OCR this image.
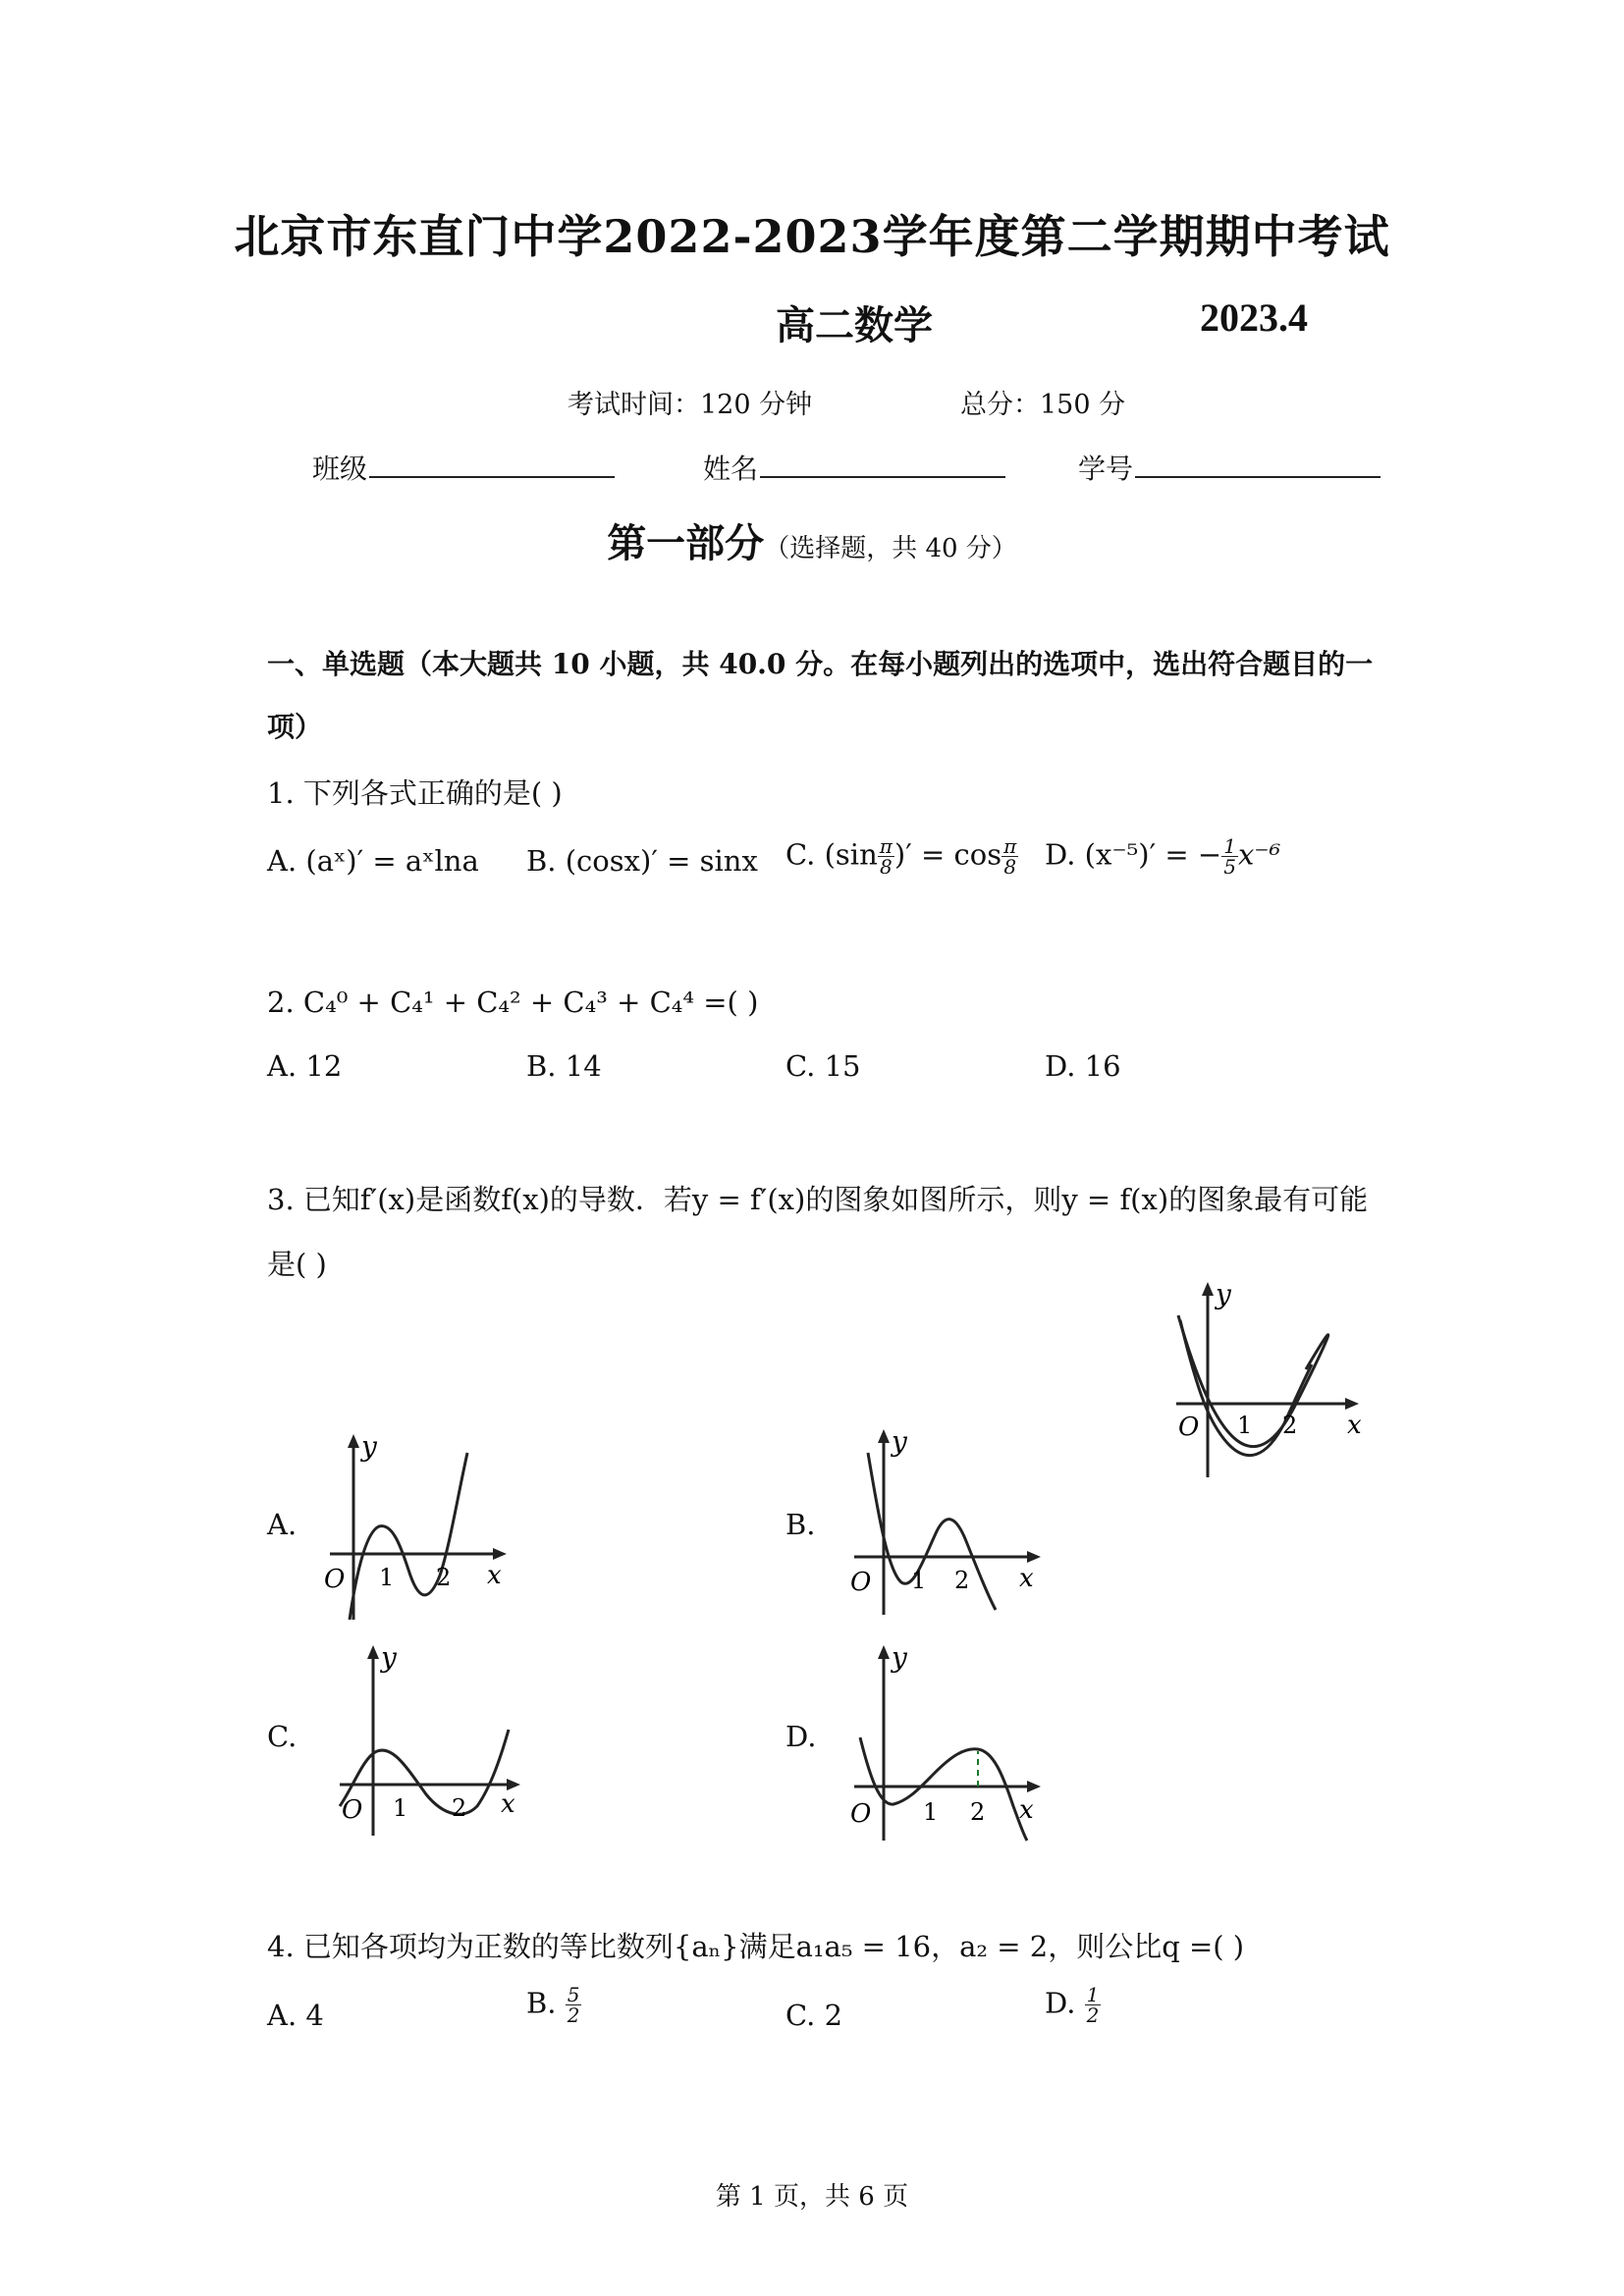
北京市东直门中学2022-2023学年度第二学期期中考试
高二数学	2023.4
考试时间：120 分钟	总分：150 分
班级	姓名	学号
第一部分（选择题，共 40 分）
一、单选题（本大题共 10 小题，共 40.0 分。在每小题列出的选项中，选出符合题目的一
项）
1. 下列各式正确的是( )
A. (aˣ)′ = aˣlna B. (cosx)′ = sinx C. ($\sin \frac{\pi}{8}$ )′ = $\cos \frac{\pi}{8} D$. (x⁻⁵)′ = − $\frac{1}{5} x^{-6}$
2. C₄⁰ + C₄¹ + C₄² + C₄³ + C₄⁴ =( )
A. 12	B. 14	C. 15	D. 16
3. 已知f′(x)是函数f(x)的导数．若y = f′(x)的图象如图所示，则y = f(x)的图象最有可能
是( )
y
x
O 1 2
A.
y
x
O 1 2
B.
y
x
O 1 2
C.
y
x
O 1 2
D.
y
x
O 1 2
4. 已知各项均为正数的等比数列{aₙ}满足a₁a₅ = 16，a₂ = 2，则公比q =( )
A. 4	B. $\frac{5}{2}$	C. 2	D. $\frac{1}{2}$
第 1 页，共 6 页
